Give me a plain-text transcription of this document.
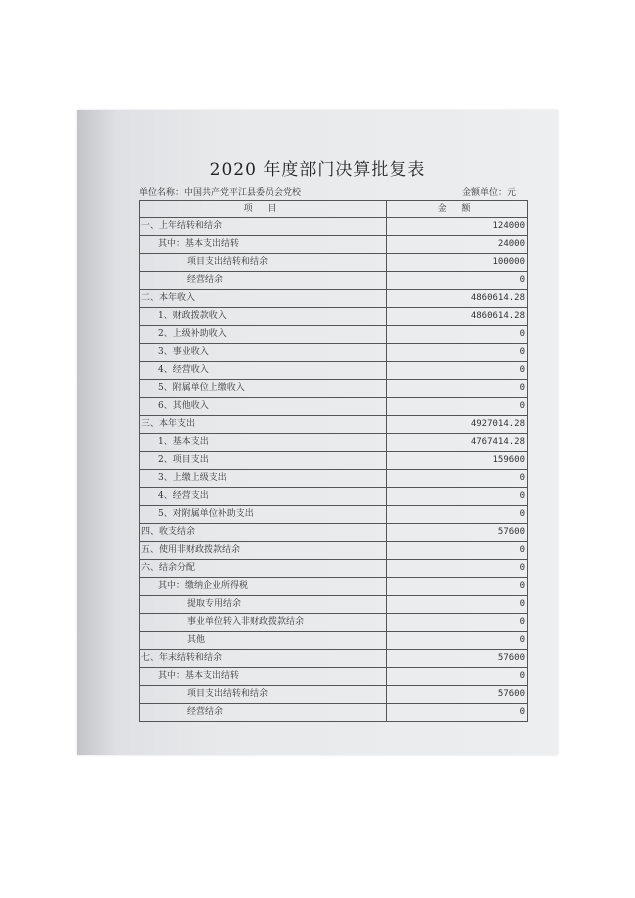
2020 年度部门决算批复表
单位名称：中国共产党平江县委员会党校	金额单位：元
项 目	金 额
一、上年结转和结余	124000
其中：基本支出结转	24000
项目支出结转和结余	100000
经营结余	0
二、本年收入	4860614.28
1、财政拨款收入	4860614.28
2、上级补助收入	0
3、事业收入	0
4、经营收入	0
5、附属单位上缴收入	0
6、其他收入	0
三、本年支出	4927014.28
1、基本支出	4767414.28
2、项目支出	159600
3、上缴上级支出	0
4、经营支出	0
5、对附属单位补助支出	0
四、收支结余	57600
五、使用非财政拨款结余	0
六、结余分配	0
其中：缴纳企业所得税	0
提取专用结余	0
事业单位转入非财政拨款结余	0
其他	0
七、年末结转和结余	57600
其中：基本支出结转	0
项目支出结转和结余	57600
经营结余	0
